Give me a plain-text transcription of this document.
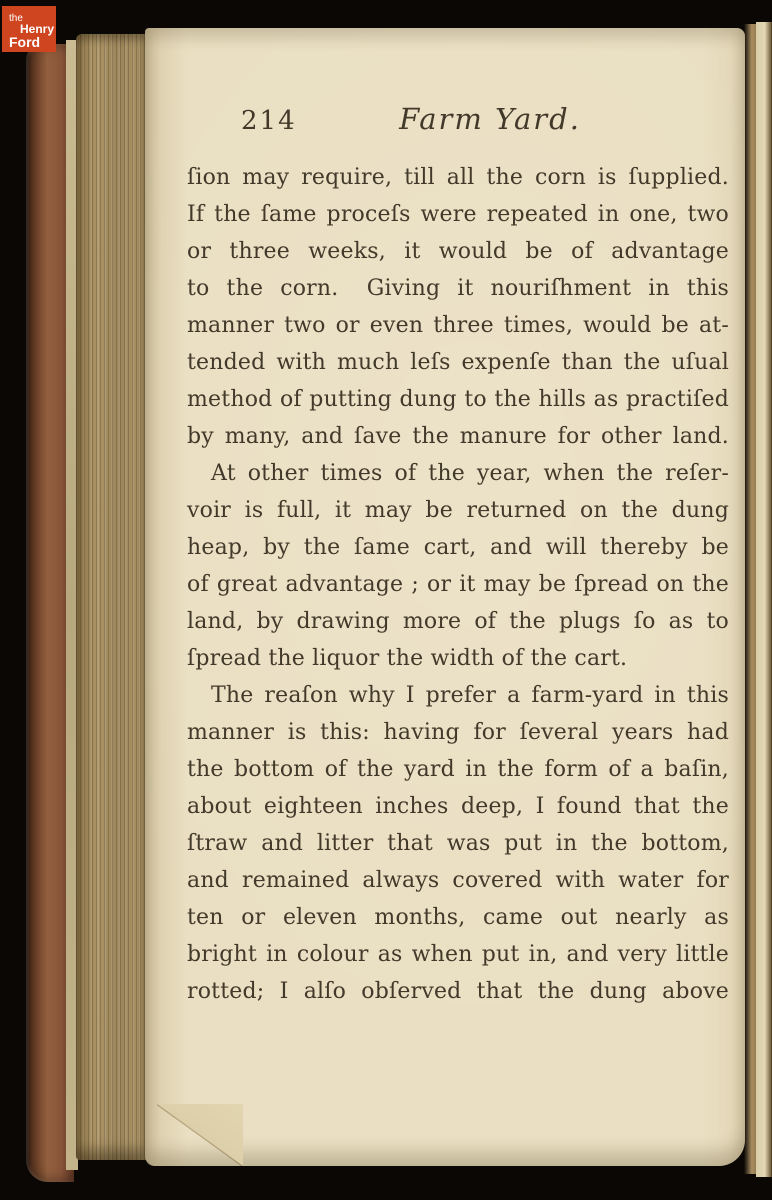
214	Farm Yard.
ſion may require, till all the corn is ſupplied.
If the ſame proceſs were repeated in one, two
or three weeks, it would be of advantage
to the corn.  Giving it nouriſhment in this
manner two or even three times, would be at-
tended with much leſs expenſe than the uſual
method of putting dung to the hills as practiſed
by many, and ſave the manure for other land.
At other times of the year, when the reſer-
voir is full, it may be returned on the dung
heap, by the ſame cart, and will thereby be
of great advantage ; or it may be ſpread on the
land, by drawing more of the plugs ſo as to
ſpread the liquor the width of the cart.
The reaſon why I prefer a farm-yard in this
manner is this: having for ſeveral years had
the bottom of the yard in the form of a baſin,
about eighteen inches deep, I found that the
ſtraw and litter that was put in the bottom,
and remained always covered with water for
ten or eleven months, came out nearly as
bright in colour as when put in, and very little
rotted; I alſo obſerved that the dung above
the
Henry
Ford
